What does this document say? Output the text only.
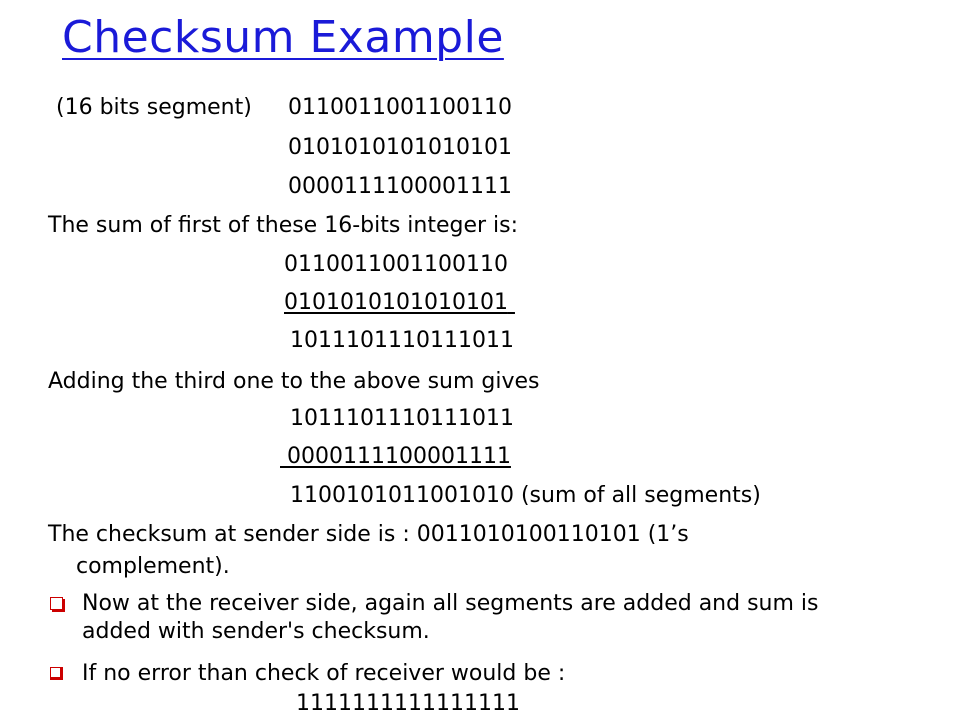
Checksum Example
(16 bits segment) 0110011001100110
0101010101010101
0000111100001111
The sum of first of these 16-bits integer is:
0110011001100110
0101010101010101
1011101110111011
Adding the third one to the above sum gives
1011101110111011
0000111100001111
1100101011001010 (sum of all segments)
The checksum at sender side is : 0011010100110101 (1’s
complement).
Now at the receiver side, again all segments are added and sum is added with sender's checksum.
If no error than check of receiver would be :
1111111111111111
